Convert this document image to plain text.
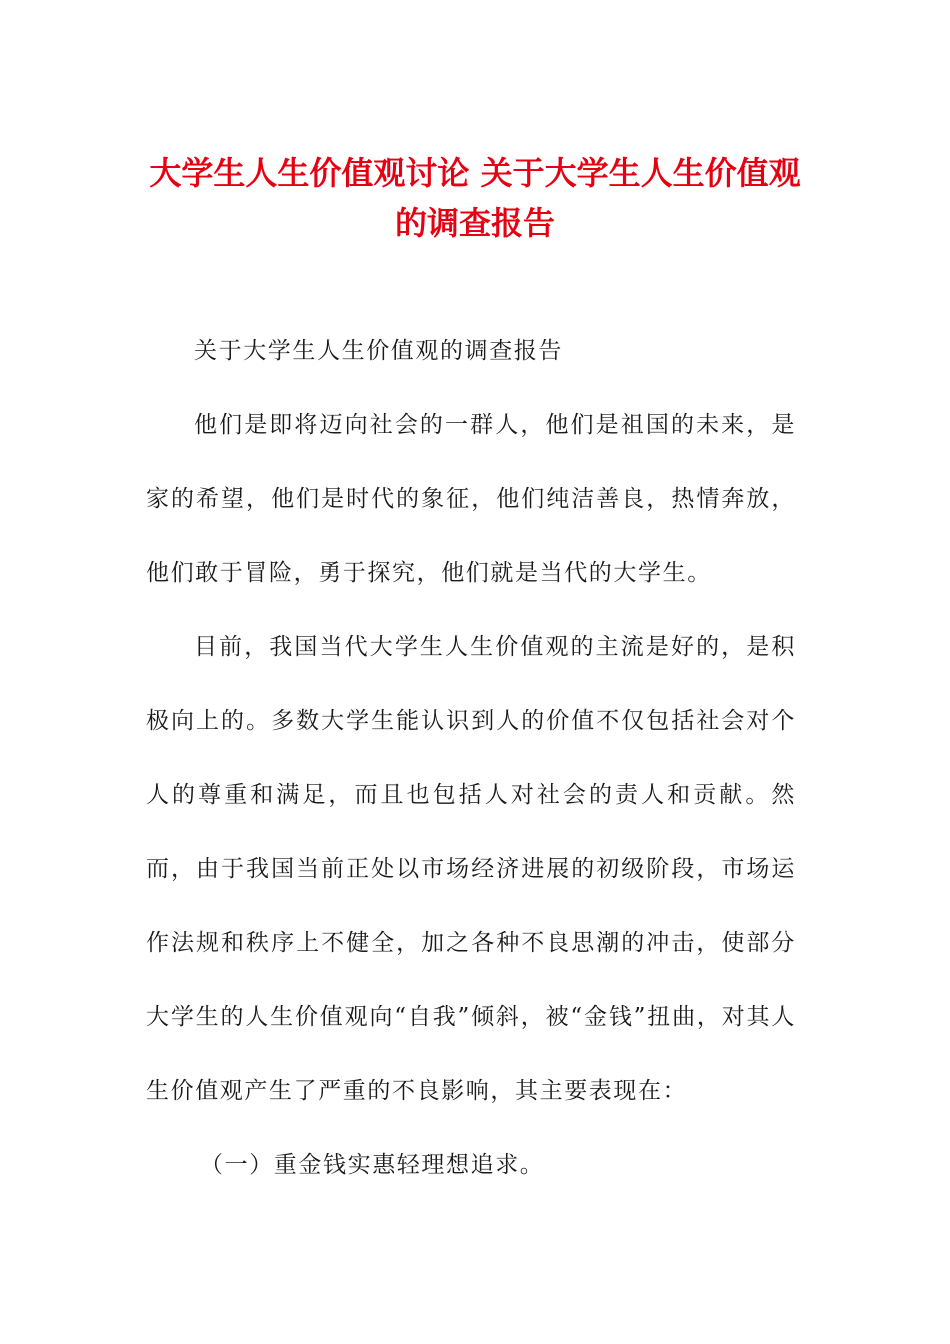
大学生人生价值观讨论 关于大学生人生价值观的调查报告

关于大学生人生价值观的调查报告

他们是即将迈向社会的一群人，他们是祖国的未来，是家的希望，他们是时代的象征，他们纯洁善良，热情奔放，他们敢于冒险，勇于探究，他们就是当代的大学生。

目前，我国当代大学生人生价值观的主流是好的，是积极向上的。多数大学生能认识到人的价值不仅包括社会对个人的尊重和满足，而且也包括人对社会的责人和贡献。然而，由于我国当前正处以市场经济进展的初级阶段，市场运作法规和秩序上不健全，加之各种不良思潮的冲击，使部分大学生的人生价值观向“自我”倾斜，被“金钱”扭曲，对其人生价值观产生了严重的不良影响，其主要表现在：

（一）重金钱实惠轻理想追求。
